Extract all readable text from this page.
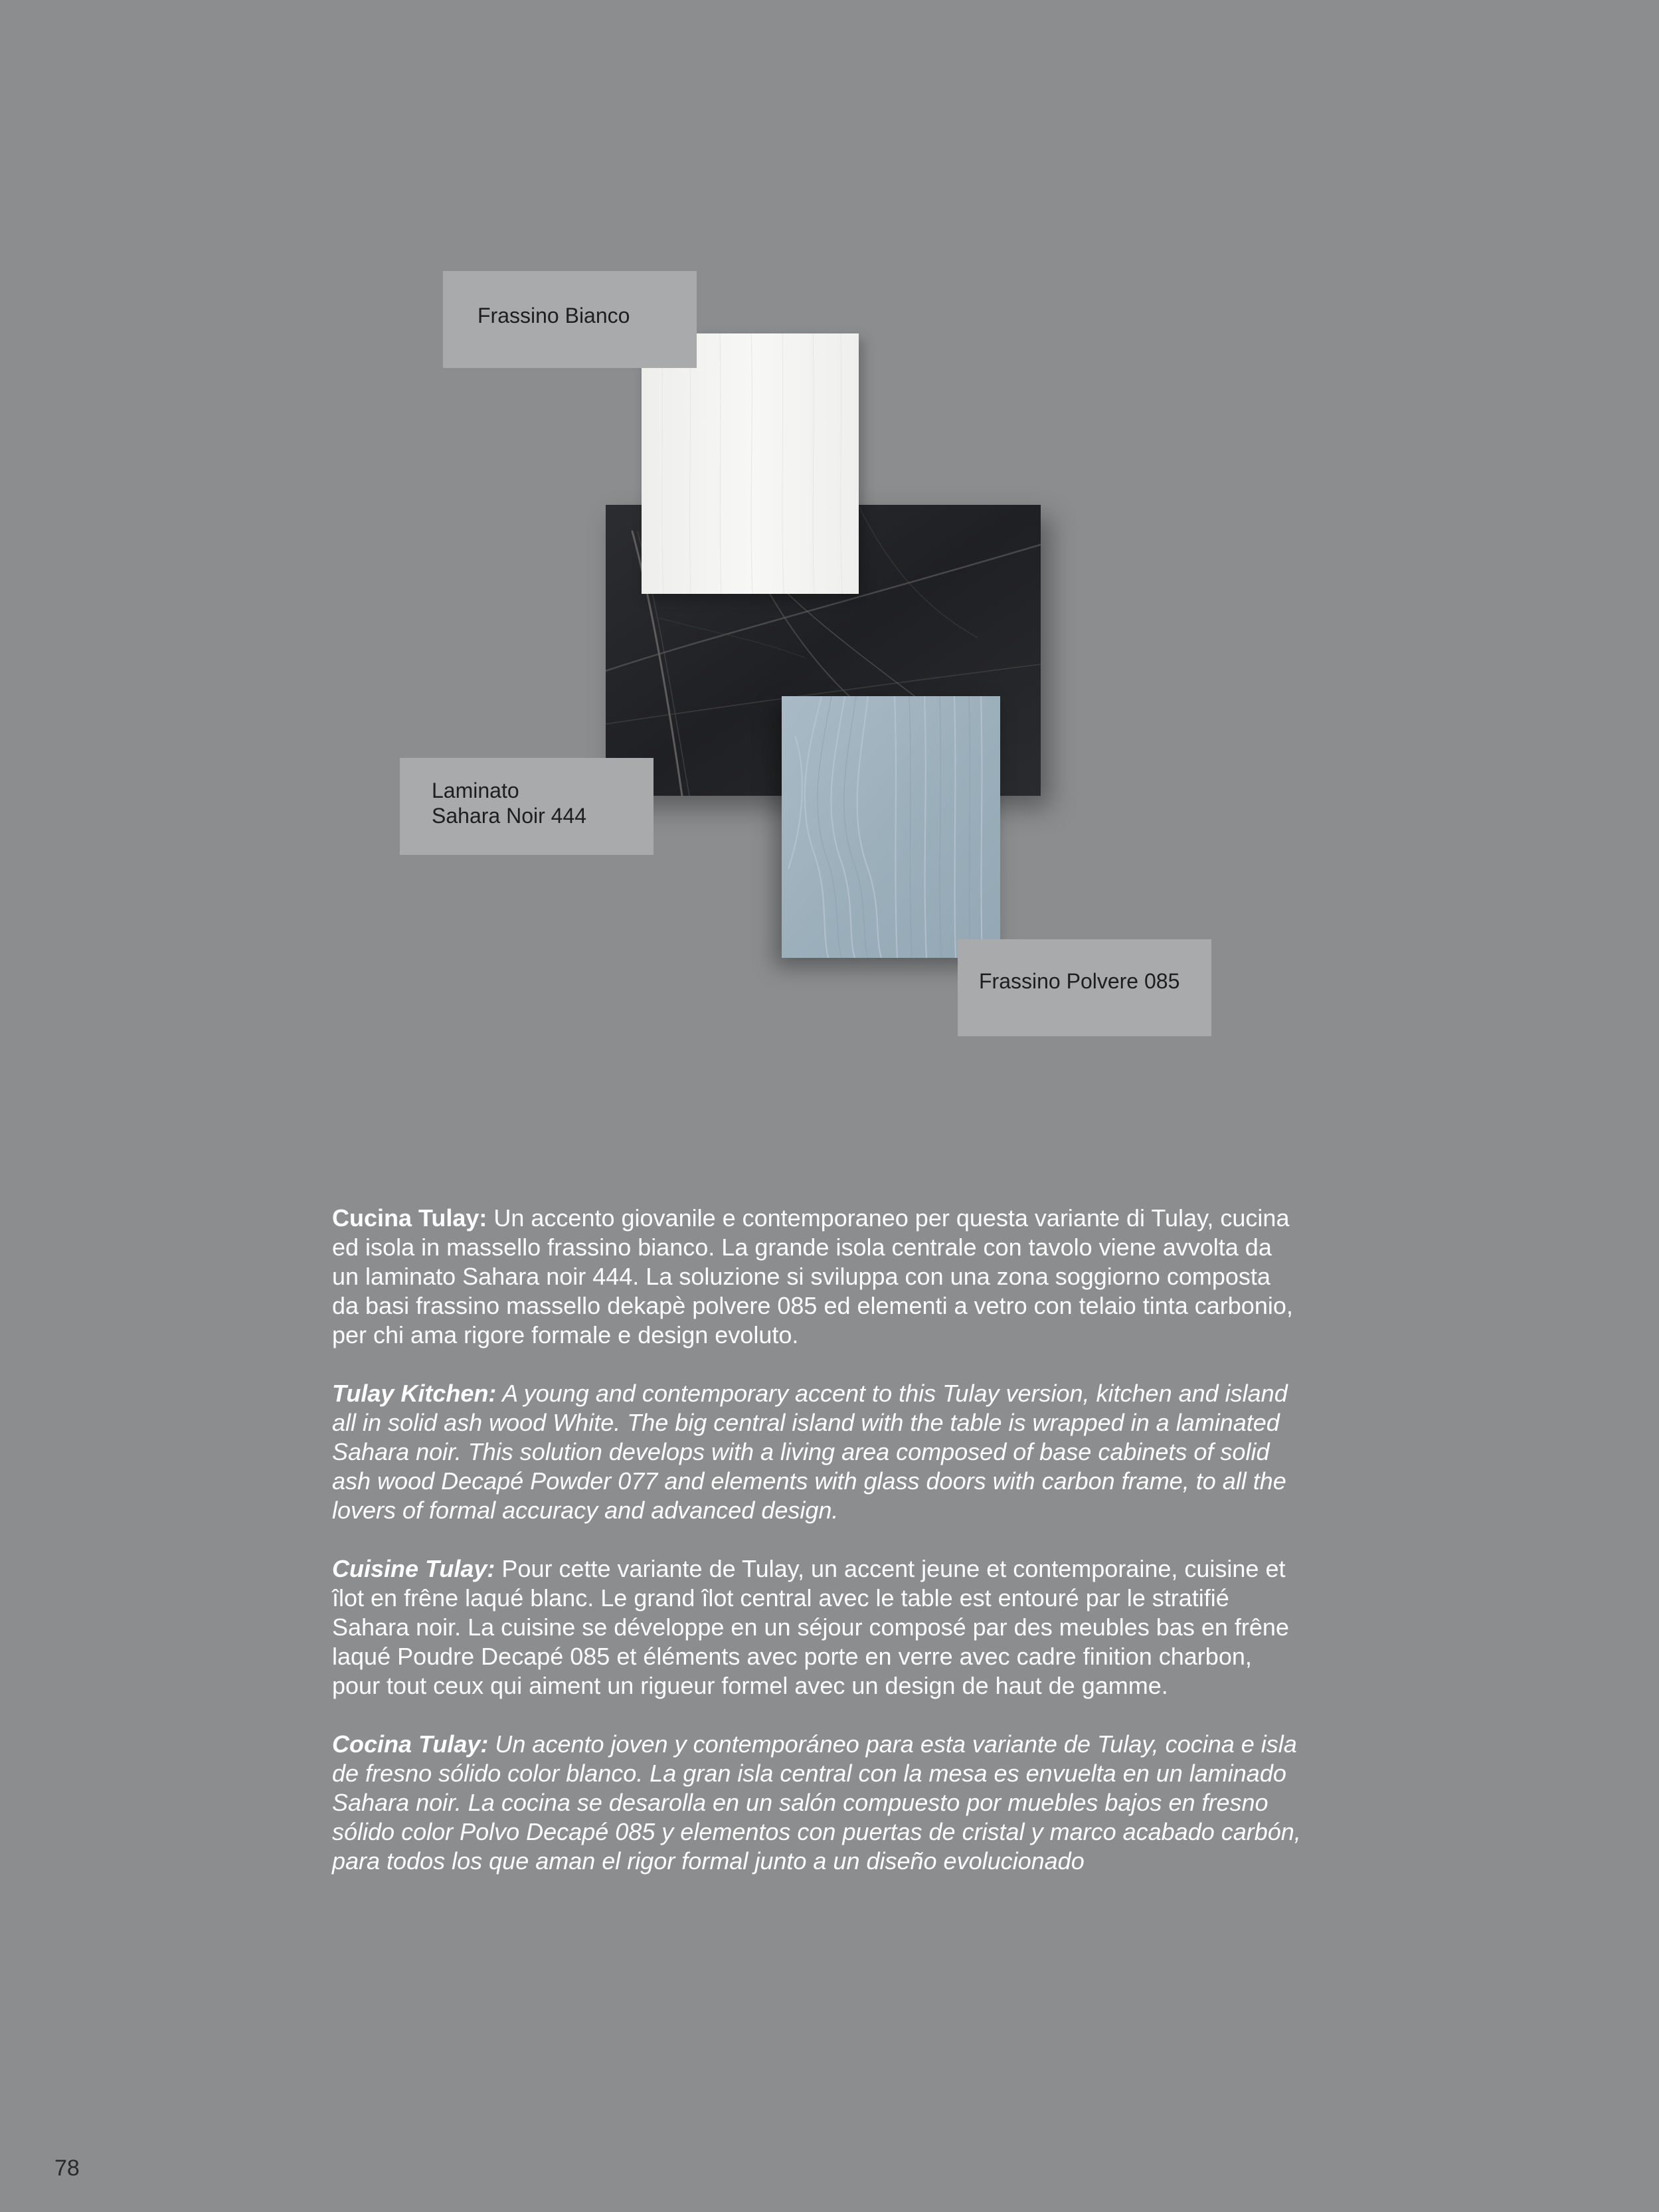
Frassino Bianco
Laminato
Sahara Noir 444
Frassino Polvere 085

Cucina Tulay: Un accento giovanile e contemporaneo per questa variante di Tulay, cucina ed isola in massello frassino bianco. La grande isola centrale con tavolo viene avvolta da un laminato Sahara noir 444. La soluzione si sviluppa con una zona soggiorno composta da basi frassino massello dekapè polvere 085 ed elementi a vetro con telaio tinta carbonio, per chi ama rigore formale e design evoluto.

Tulay Kitchen: A young and contemporary accent to this Tulay version, kitchen and island all in solid ash wood White. The big central island with the table is wrapped in a laminated Sahara noir. This solution develops with a living area composed of base cabinets of solid ash wood Decapé Powder 077 and elements with glass doors with carbon frame, to all the lovers of formal accuracy and advanced design.

Cuisine Tulay: Pour cette variante de Tulay, un accent jeune et contemporaine, cuisine et îlot en frêne laqué blanc. Le grand îlot central avec le table est entouré par le stratifié Sahara noir. La cuisine se développe en un séjour composé par des meubles bas en frêne laqué Poudre Decapé 085 et éléments avec porte en verre avec cadre finition charbon, pour tout ceux qui aiment un rigueur formel avec un design de haut de gamme.

Cocina Tulay: Un acento joven y contemporáneo para esta variante de Tulay, cocina e isla de fresno sólido color blanco. La gran isla central con la mesa es envuelta en un laminado Sahara noir. La cocina se desarolla en un salón compuesto por muebles bajos en fresno sólido color Polvo Decapé 085 y elementos con puertas de cristal y marco acabado carbón, para todos los que aman el rigor formal junto a un diseño evolucionado

78
